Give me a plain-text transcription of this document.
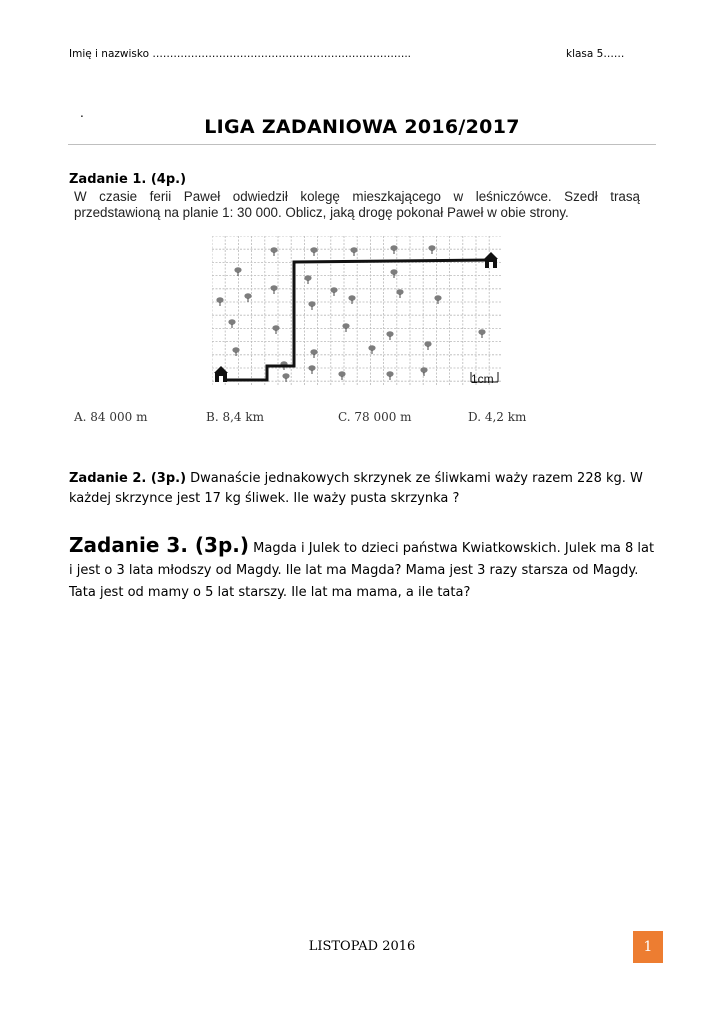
Imię i nazwisko ………………………………………………………………..	klasa 5……
.
LIGA ZADANIOWA 2016/2017
Zadanie 1. (4p.)
W czasie ferii Paweł odwiedził kolegę mieszkającego w leśniczówce. Szedł trasą przedstawioną na planie 1: 30 000. Oblicz, jaką drogę pokonał Paweł w obie strony.
1cm
A. 84 000 m	B. 8,4 km	C. 78 000 m	D. 4,2 km
Zadanie 2. (3p.) Dwanaście jednakowych skrzynek ze śliwkami waży razem 228 kg. W każdej skrzynce jest 17 kg śliwek. Ile waży pusta skrzynka ?
Zadanie 3. (3p.) Magda i Julek to dzieci państwa Kwiatkowskich. Julek ma 8 lat i jest o 3 lata młodszy od Magdy. Ile lat ma Magda? Mama jest 3 razy starsza od Magdy. Tata jest od mamy o 5 lat starszy. Ile lat ma mama, a ile tata?
LISTOPAD 2016	1
